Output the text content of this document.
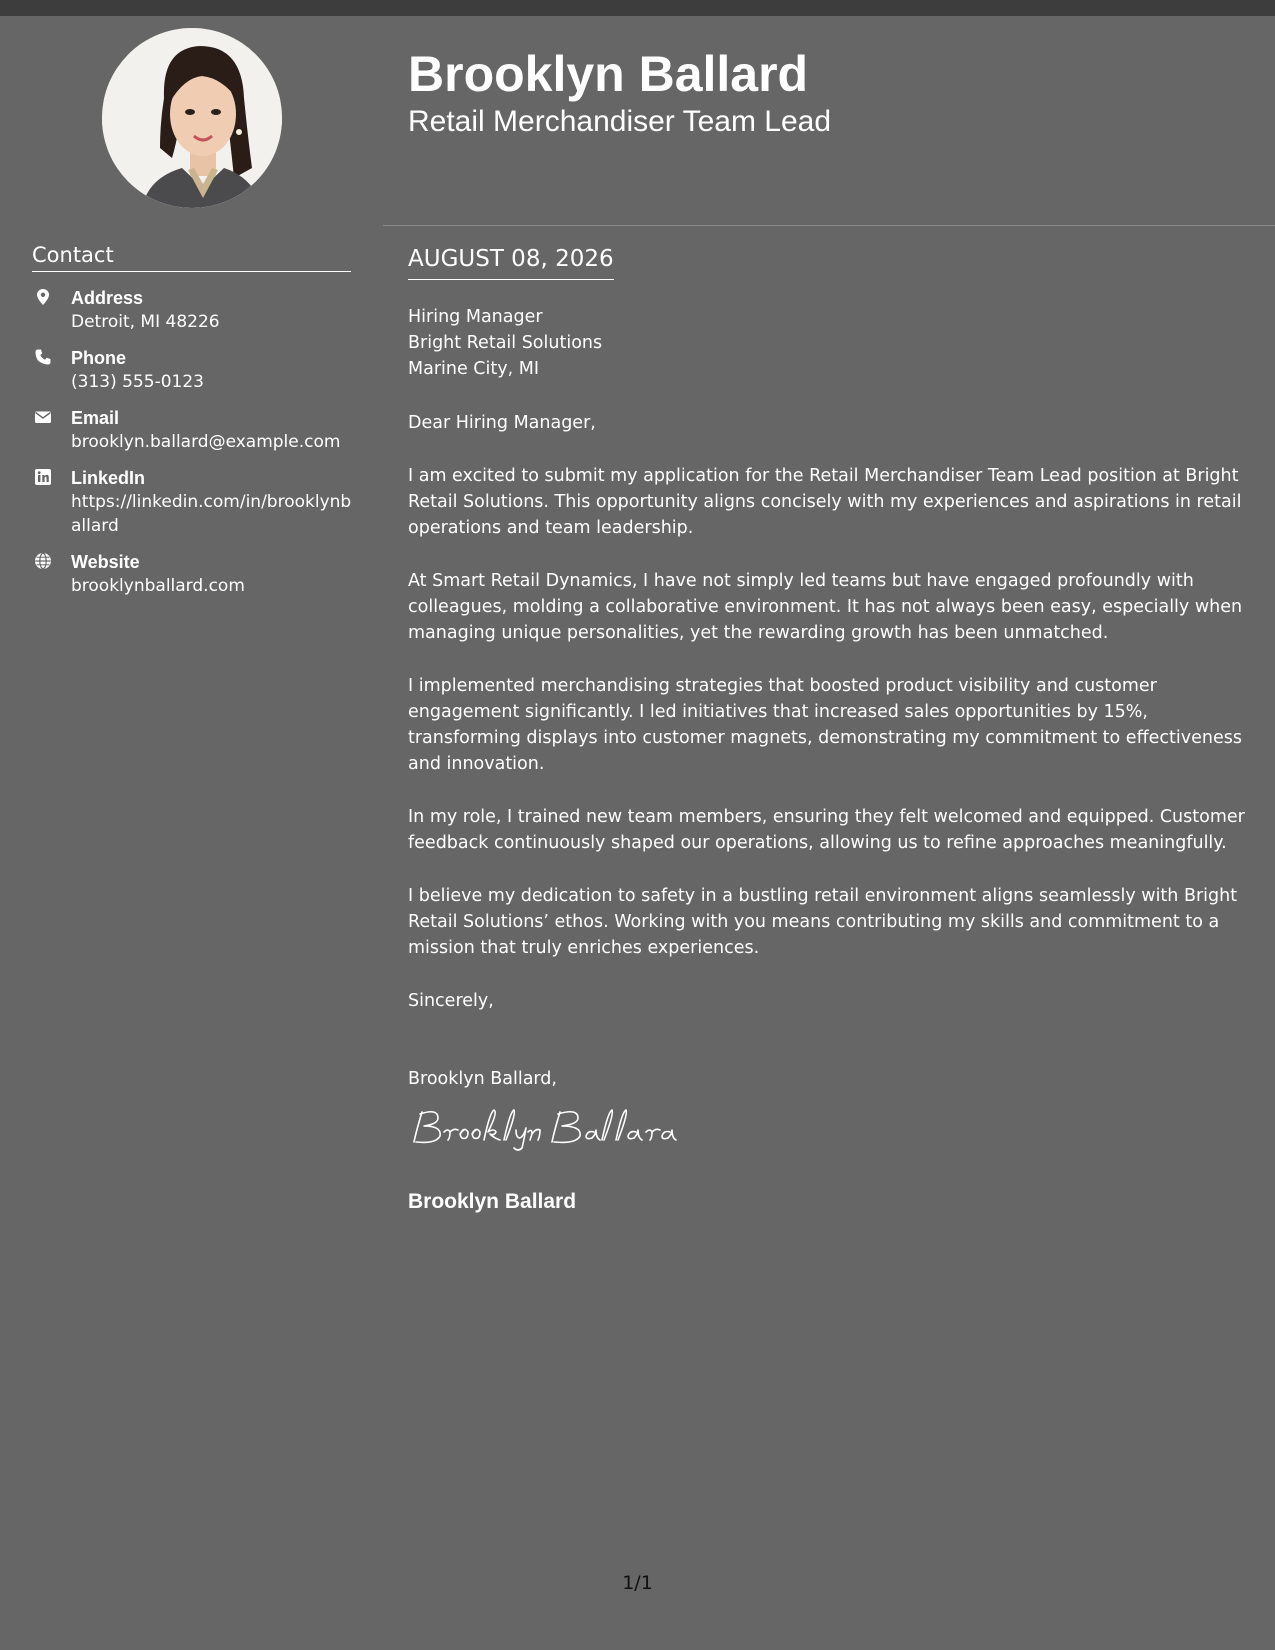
Contact
Address
Detroit, MI 48226
Phone
(313) 555-0123
Email
brooklyn.ballard@example.com
LinkedIn
https://linkedin.com/in/brooklynballard
Website
brooklynballard.com
Brooklyn Ballard
Retail Merchandiser Team Lead
AUGUST 08, 2026
Hiring Manager
Bright Retail Solutions
Marine City, MI

Dear Hiring Manager,

I am excited to submit my application for the Retail Merchandiser Team Lead position at Bright Retail Solutions. This opportunity aligns concisely with my experiences and aspirations in retail operations and team leadership.

At Smart Retail Dynamics, I have not simply led teams but have engaged profoundly with colleagues, molding a collaborative environment. It has not always been easy, especially when managing unique personalities, yet the rewarding growth has been unmatched.

I implemented merchandising strategies that boosted product visibility and customer engagement significantly. I led initiatives that increased sales opportunities by 15%, transforming displays into customer magnets, demonstrating my commitment to effectiveness and innovation.

In my role, I trained new team members, ensuring they felt welcomed and equipped. Customer feedback continuously shaped our operations, allowing us to refine approaches meaningfully.

I believe my dedication to safety in a bustling retail environment aligns seamlessly with Bright Retail Solutions’ ethos. Working with you means contributing my skills and commitment to a mission that truly enriches experiences.

Sincerely,

Brooklyn Ballard,

Brooklyn Ballard
1/1
